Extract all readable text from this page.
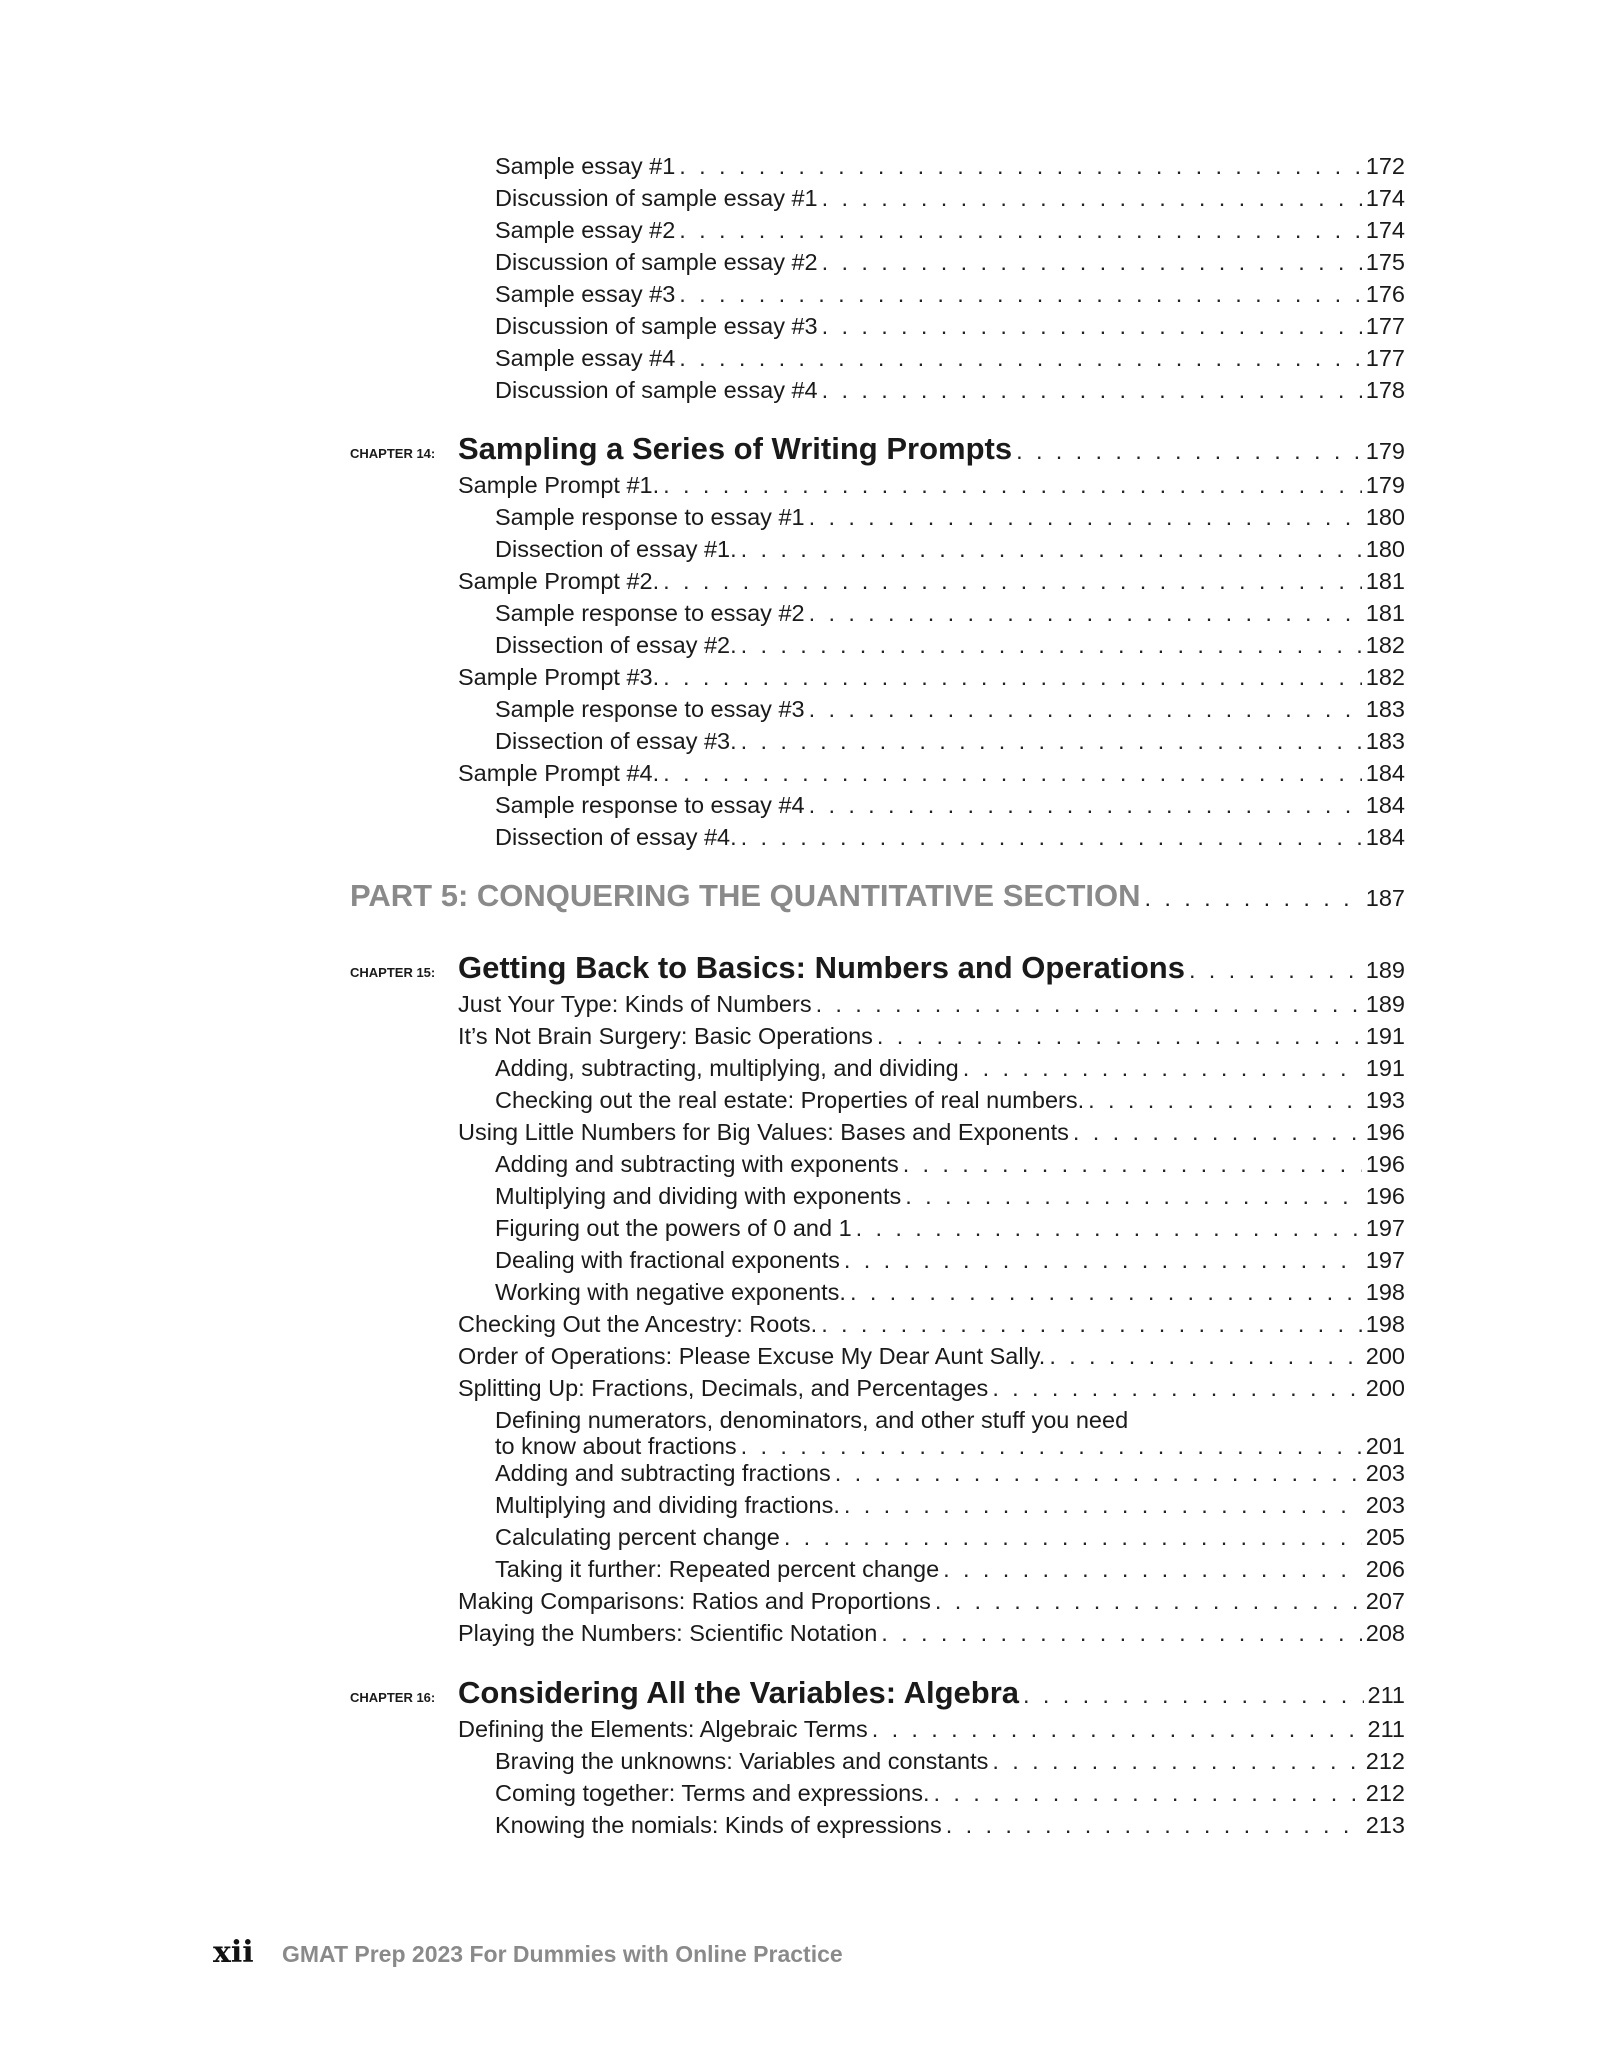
Sample essay #1 . . .	172
Discussion of sample essay #1 . . .	174
Sample essay #2 . . .	174
Discussion of sample essay #2 . . .	175
Sample essay #3 . . .	176
Discussion of sample essay #3 . . .	177
Sample essay #4 . . .	177
Discussion of sample essay #4 . . .	178
CHAPTER 14: Sampling a Series of Writing Prompts . . .	179
Sample Prompt #1. . . .	179
Sample response to essay #1 . . .	180
Dissection of essay #1. . . .	180
Sample Prompt #2. . . .	181
Sample response to essay #2 . . .	181
Dissection of essay #2. . . .	182
Sample Prompt #3. . . .	182
Sample response to essay #3 . . .	183
Dissection of essay #3. . . .	183
Sample Prompt #4. . . .	184
Sample response to essay #4 . . .	184
Dissection of essay #4. . . .	184
PART 5: CONQUERING THE QUANTITATIVE SECTION . . .	187
CHAPTER 15: Getting Back to Basics: Numbers and Operations . . .	189
Just Your Type: Kinds of Numbers . . .	189
It’s Not Brain Surgery: Basic Operations . . .	191
Adding, subtracting, multiplying, and dividing . . .	191
Checking out the real estate: Properties of real numbers. . . .	193
Using Little Numbers for Big Values: Bases and Exponents . . .	196
Adding and subtracting with exponents . . .	196
Multiplying and dividing with exponents . . .	196
Figuring out the powers of 0 and 1 . . .	197
Dealing with fractional exponents . . .	197
Working with negative exponents. . . .	198
Checking Out the Ancestry: Roots. . . .	198
Order of Operations: Please Excuse My Dear Aunt Sally. . . .	200
Splitting Up: Fractions, Decimals, and Percentages . . .	200
Defining numerators, denominators, and other stuff you need
to know about fractions . . .	201
Adding and subtracting fractions . . .	203
Multiplying and dividing fractions. . . .	203
Calculating percent change . . .	205
Taking it further: Repeated percent change . . .	206
Making Comparisons: Ratios and Proportions . . .	207
Playing the Numbers: Scientific Notation . . .	208
CHAPTER 16: Considering All the Variables: Algebra . . .	211
Defining the Elements: Algebraic Terms . . .	211
Braving the unknowns: Variables and constants . . .	212
Coming together: Terms and expressions. . . .	212
Knowing the nomials: Kinds of expressions . . .	213
xii GMAT Prep 2023 For Dummies with Online Practice
